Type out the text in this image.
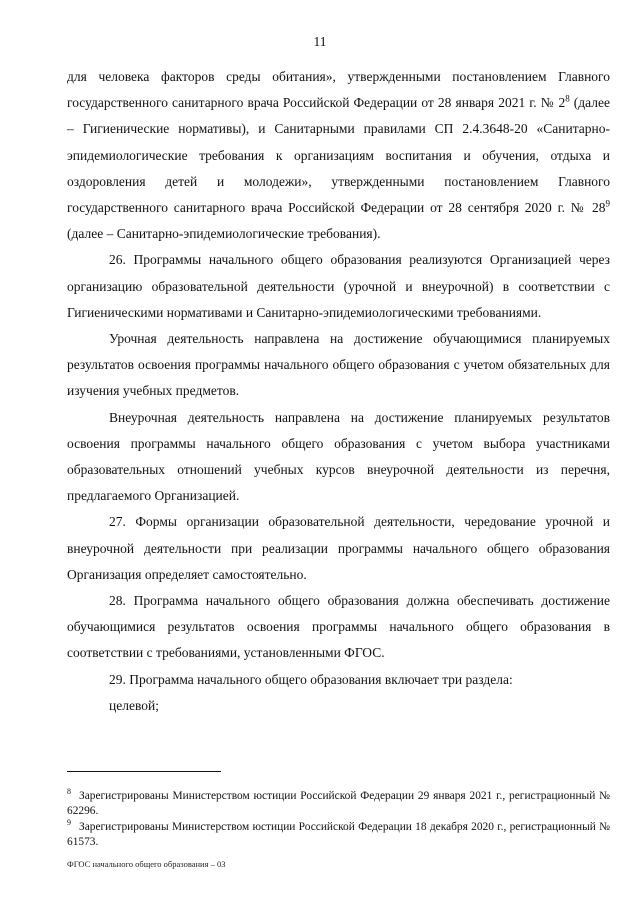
11

для человека факторов среды обитания», утвержденными постановлением Главного государственного санитарного врача Российской Федерации от 28 января 2021 г. № $2^8$ (далее – Гигиенические нормативы), и Санитарными правилами СП 2.4.3648-20 «Санитарно-эпидемиологические требования к организациям воспитания и обучения, отдыха и оздоровления детей и молодежи», утвержденными постановлением Главного государственного санитарного врача Российской Федерации от 28 сентября 2020 г. № $28^9$ (далее – Санитарно-эпидемиологические требования).

26. Программы начального общего образования реализуются Организацией через организацию образовательной деятельности (урочной и внеурочной) в соответствии с Гигиеническими нормативами и Санитарно-эпидемиологическими требованиями.

Урочная деятельность направлена на достижение обучающимися планируемых результатов освоения программы начального общего образования с учетом обязательных для изучения учебных предметов.

Внеурочная деятельность направлена на достижение планируемых результатов освоения программы начального общего образования с учетом выбора участниками образовательных отношений учебных курсов внеурочной деятельности из перечня, предлагаемого Организацией.

27. Формы организации образовательной деятельности, чередование урочной и внеурочной деятельности при реализации программы начального общего образования Организация определяет самостоятельно.

28. Программа начального общего образования должна обеспечивать достижение обучающимися результатов освоения программы начального общего образования в соответствии с требованиями, установленными ФГОС.

29. Программа начального общего образования включает три раздела:

целевой;

$^8$ Зарегистрированы Министерством юстиции Российской Федерации 29 января 2021 г., регистрационный № 62296.

$^9$ Зарегистрированы Министерством юстиции Российской Федерации 18 декабря 2020 г., регистрационный № 61573.

ФГОС начального общего образования – 03
